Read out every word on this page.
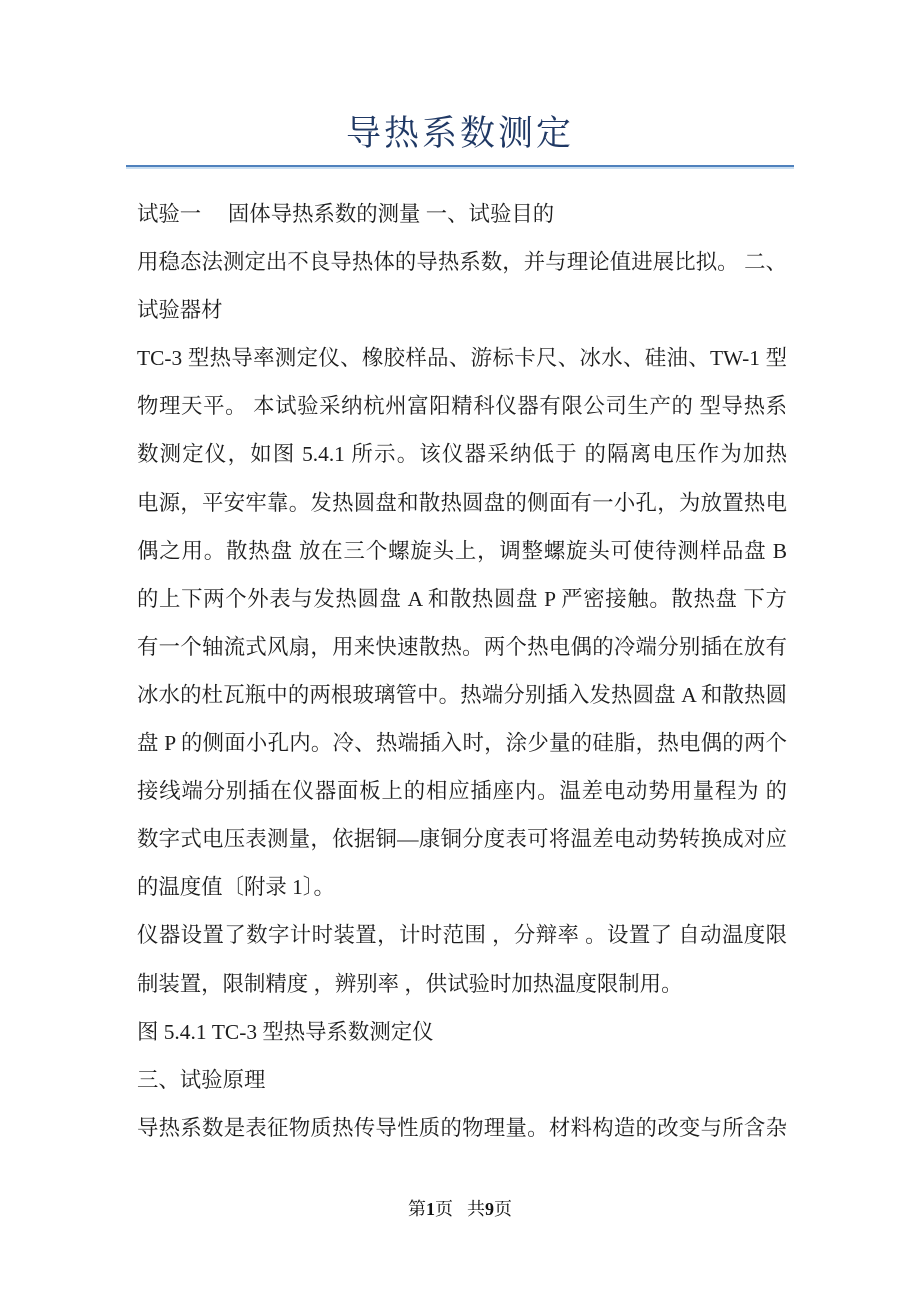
导热系数测定
试验一　 固体导热系数的测量 一、试验目的
用稳态法测定出不良导热体的导热系数，并与理论值进展比拟。 二、
试验器材
TC-3 型热导率测定仪、橡胶样品、游标卡尺、冰水、硅油、TW-1 型
物理天平。 本试验采纳杭州富阳精科仪器有限公司生产的 型导热系
数测定仪，如图 5.4.1 所示。该仪器采纳低于 的隔离电压作为加热
电源，平安牢靠。发热圆盘和散热圆盘的侧面有一小孔，为放置热电
偶之用。散热盘 放在三个螺旋头上，调整螺旋头可使待测样品盘 B
的上下两个外表与发热圆盘 A 和散热圆盘 P 严密接触。散热盘 下方
有一个轴流式风扇，用来快速散热。两个热电偶的冷端分别插在放有
冰水的杜瓦瓶中的两根玻璃管中。热端分别插入发热圆盘 A 和散热圆
盘 P 的侧面小孔内。冷、热端插入时，涂少量的硅脂，热电偶的两个
接线端分别插在仪器面板上的相应插座内。温差电动势用量程为 的
数字式电压表测量，依据铜—康铜分度表可将温差电动势转换成对应
的温度值〔附录 1〕。
仪器设置了数字计时装置，计时范围 ，分辩率 。设置了 自动温度限
制装置，限制精度 ，辨别率 ，供试验时加热温度限制用。
图 5.4.1 TC-3 型热导系数测定仪
三、试验原理
导热系数是表征物质热传导性质的物理量。材料构造的改变与所含杂
第1页 共9页
